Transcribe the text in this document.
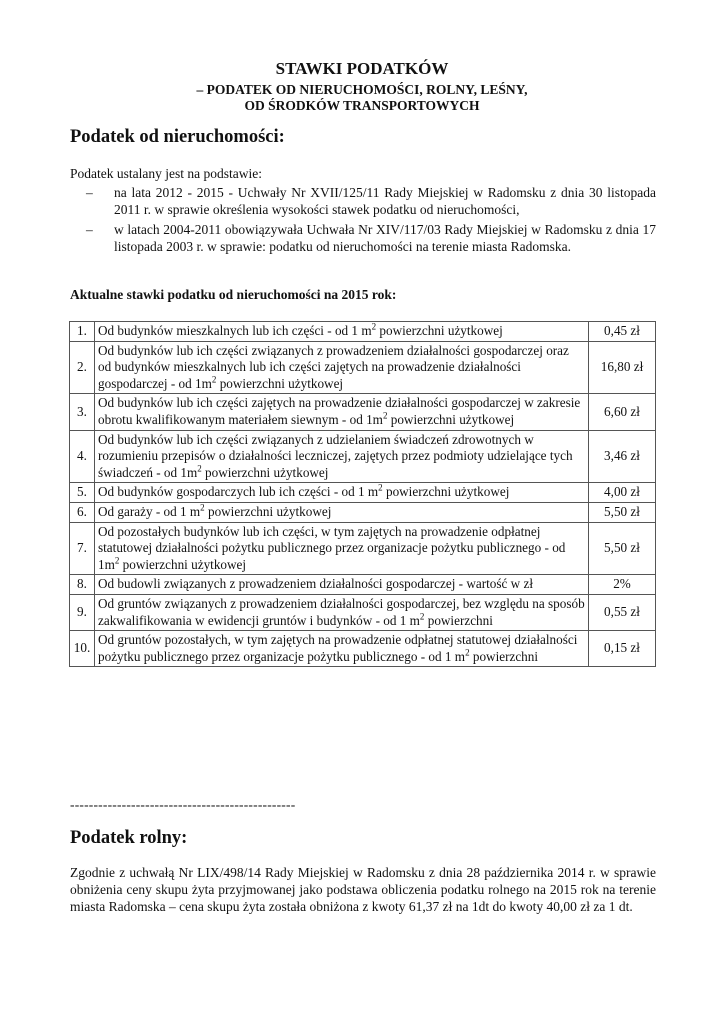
STAWKI PODATKÓW
– PODATEK OD NIERUCHOMOŚCI, ROLNY, LEŚNY,
OD ŚRODKÓW TRANSPORTOWYCH
Podatek od nieruchomości:
Podatek ustalany jest na podstawie:
– na lata 2012 - 2015 - Uchwały Nr XVII/125/11 Rady Miejskiej w Radomsku z dnia 30 listopada 2011 r. w sprawie określenia wysokości stawek podatku od nieruchomości,
– w latach 2004-2011 obowiązywała Uchwała Nr XIV/117/03 Rady Miejskiej w Radomsku z dnia 17 listopada 2003 r. w sprawie: podatku od nieruchomości na terenie miasta Radomska.
Aktualne stawki podatku od nieruchomości na 2015 rok:
1.	Od budynków mieszkalnych lub ich części - od 1 $m^2$ powierzchni użytkowej	0,45 zł
2.	Od budynków lub ich części związanych z prowadzeniem działalności gospodarczej oraz od budynków mieszkalnych lub ich części zajętych na prowadzenie działalności gospodarczej - od $1m^2$ powierzchni użytkowej	16,80 zł
3.	Od budynków lub ich części zajętych na prowadzenie działalności gospodarczej w zakresie obrotu kwalifikowanym materiałem siewnym - od $1m^2$ powierzchni użytkowej	6,60 zł
4.	Od budynków lub ich części związanych z udzielaniem świadczeń zdrowotnych w rozumieniu przepisów o działalności leczniczej, zajętych przez podmioty udzielające tych świadczeń - od $1m^2$ powierzchni użytkowej	3,46 zł
5.	Od budynków gospodarczych lub ich części - od 1 $m^2$ powierzchni użytkowej	4,00 zł
6.	Od garaży - od 1 $m^2$ powierzchni użytkowej	5,50 zł
7.	Od pozostałych budynków lub ich części, w tym zajętych na prowadzenie odpłatnej statutowej działalności pożytku publicznego przez organizacje pożytku publicznego - od $1m^2$ powierzchni użytkowej	5,50 zł
8.	Od budowli związanych z prowadzeniem działalności gospodarczej - wartość w zł	2%
9.	Od gruntów związanych z prowadzeniem działalności gospodarczej, bez względu na sposób zakwalifikowania w ewidencji gruntów i budynków - od 1 $m^2$ powierzchni	0,55 zł
10.	Od gruntów pozostałych, w tym zajętych na prowadzenie odpłatnej statutowej działalności pożytku publicznego przez organizacje pożytku publicznego - od 1 $m^2$ powierzchni	0,15 zł
------------------------------------------------
Podatek rolny:
Zgodnie z uchwałą Nr LIX/498/14 Rady Miejskiej w Radomsku z dnia 28 października 2014 r. w sprawie obniżenia ceny skupu żyta przyjmowanej jako podstawa obliczenia podatku rolnego na 2015 rok na terenie miasta Radomska – cena skupu żyta została obniżona z kwoty 61,37 zł na 1dt do kwoty 40,00 zł za 1 dt.
